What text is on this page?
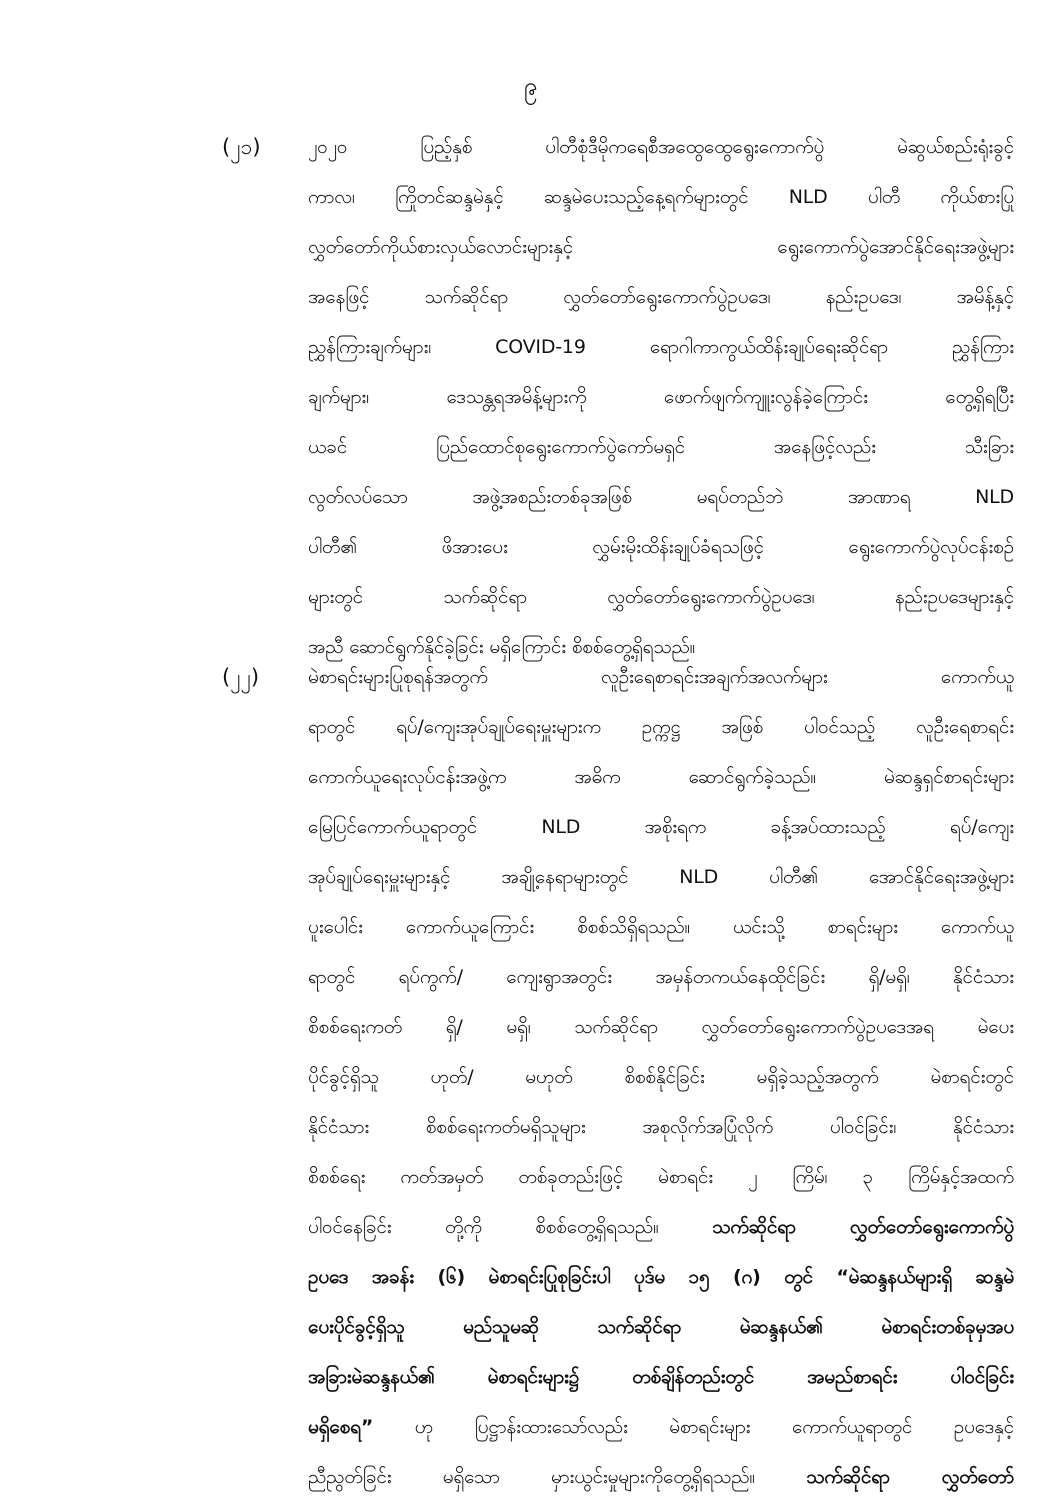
၉
(၂၁)	၂၀၂၀ ပြည့်နှစ် ပါတီစုံဒီမိုကရေစီအထွေထွေရွေးကောက်ပွဲ မဲဆွယ်စည်းရုံးခွင့်
ကာလ၊ ကြိုတင်ဆန္ဒမဲနှင့် ဆန္ဒမဲပေးသည့်နေ့ရက်များတွင် NLD ပါတီ ကိုယ်စားပြု
လွှတ်တော်ကိုယ်စားလှယ်လောင်းများနှင့် ရွေးကောက်ပွဲအောင်နိုင်ရေးအဖွဲ့များ
အနေဖြင့် သက်ဆိုင်ရာ လွှတ်တော်ရွေးကောက်ပွဲဥပဒေ၊ နည်းဥပဒေ၊ အမိန့်နှင့်
ညွှန်ကြားချက်များ၊ COVID-19 ရောဂါကာကွယ်ထိန်းချုပ်ရေးဆိုင်ရာ ညွှန်ကြား
ချက်များ၊ ဒေသန္တရအမိန့်များကို ဖောက်ဖျက်ကျူးလွန်ခဲ့ကြောင်း တွေ့ရှိရပြီး
ယခင် ပြည်ထောင်စုရွေးကောက်ပွဲကော်မရှင် အနေဖြင့်လည်း သီးခြား
လွတ်လပ်သော အဖွဲ့အစည်းတစ်ခုအဖြစ် မရပ်တည်ဘဲ အာဏာရ NLD
ပါတီ၏ ဖိအားပေး လွှမ်းမိုးထိန်းချုပ်ခံရသဖြင့် ရွေးကောက်ပွဲလုပ်ငန်းစဉ်
များတွင် သက်ဆိုင်ရာ လွှတ်တော်ရွေးကောက်ပွဲဥပဒေ၊ နည်းဥပဒေများနှင့်
အညီ ဆောင်ရွက်နိုင်ခဲ့ခြင်း မရှိကြောင်း စိစစ်တွေ့ရှိရသည်။
(၂၂)	မဲစာရင်းများပြုစုရန်အတွက် လူဦးရေစာရင်းအချက်အလက်များ ကောက်ယူ
ရာတွင် ရပ်/ကျေးအုပ်ချုပ်ရေးမှူးများက ဥက္ကဋ္ဌ အဖြစ် ပါဝင်သည့် လူဦးရေစာရင်း
ကောက်ယူရေးလုပ်ငန်းအဖွဲ့က အဓိက ဆောင်ရွက်ခဲ့သည်။ မဲဆန္ဒရှင်စာရင်းများ
မြေပြင်ကောက်ယူရာတွင် NLD အစိုးရက ခန့်အပ်ထားသည့် ရပ်/ကျေး
အုပ်ချုပ်ရေးမှူးများနှင့် အချို့နေရာများတွင် NLD ပါတီ၏ အောင်နိုင်ရေးအဖွဲ့များ
ပူးပေါင်း ကောက်ယူကြောင်း စိစစ်သိရှိရသည်။ ယင်းသို့ စာရင်းများ ကောက်ယူ
ရာတွင် ရပ်ကွက်/ ကျေးရွာအတွင်း အမှန်တကယ်နေထိုင်ခြင်း ရှိ/မရှိ၊ နိုင်ငံသား
စိစစ်ရေးကတ် ရှိ/ မရှိ၊ သက်ဆိုင်ရာ လွှတ်တော်ရွေးကောက်ပွဲဥပဒေအရ မဲပေး
ပိုင်ခွင့်ရှိသူ ဟုတ်/ မဟုတ် စိစစ်နိုင်ခြင်း မရှိခဲ့သည့်အတွက် မဲစာရင်းတွင်
နိုင်ငံသား စိစစ်ရေးကတ်မရှိသူများ အစုလိုက်အပြုံလိုက် ပါဝင်ခြင်း၊ နိုင်ငံသား
စိစစ်ရေး ကတ်အမှတ် တစ်ခုတည်းဖြင့် မဲစာရင်း ၂ ကြိမ်၊ ၃ ကြိမ်နှင့်အထက်
ပါဝင်နေခြင်း တို့ကို စိစစ်တွေ့ရှိရသည်။ သက်ဆိုင်ရာ လွှတ်တော်ရွေးကောက်ပွဲ
ဥပဒေ အခန်း (၆) မဲစာရင်းပြုစုခြင်းပါ ပုဒ်မ ၁၅ (ဂ) တွင် “မဲဆန္ဒနယ်များရှိ ဆန္ဒမဲ
ပေးပိုင်ခွင့်ရှိသူ မည်သူမဆို သက်ဆိုင်ရာ မဲဆန္ဒနယ်၏ မဲစာရင်းတစ်ခုမှအပ
အခြားမဲဆန္ဒနယ်၏ မဲစာရင်းများ၌ တစ်ချိန်တည်းတွင် အမည်စာရင်း ပါဝင်ခြင်း
မရှိစေရ” ဟု ပြဋ္ဌာန်းထားသော်လည်း မဲစာရင်းများ ကောက်ယူရာတွင် ဥပဒေနှင့်
ညီညွတ်ခြင်း မရှိသော မှားယွင်းမှုများကိုတွေ့ရှိရသည်။ သက်ဆိုင်ရာ လွှတ်တော်
